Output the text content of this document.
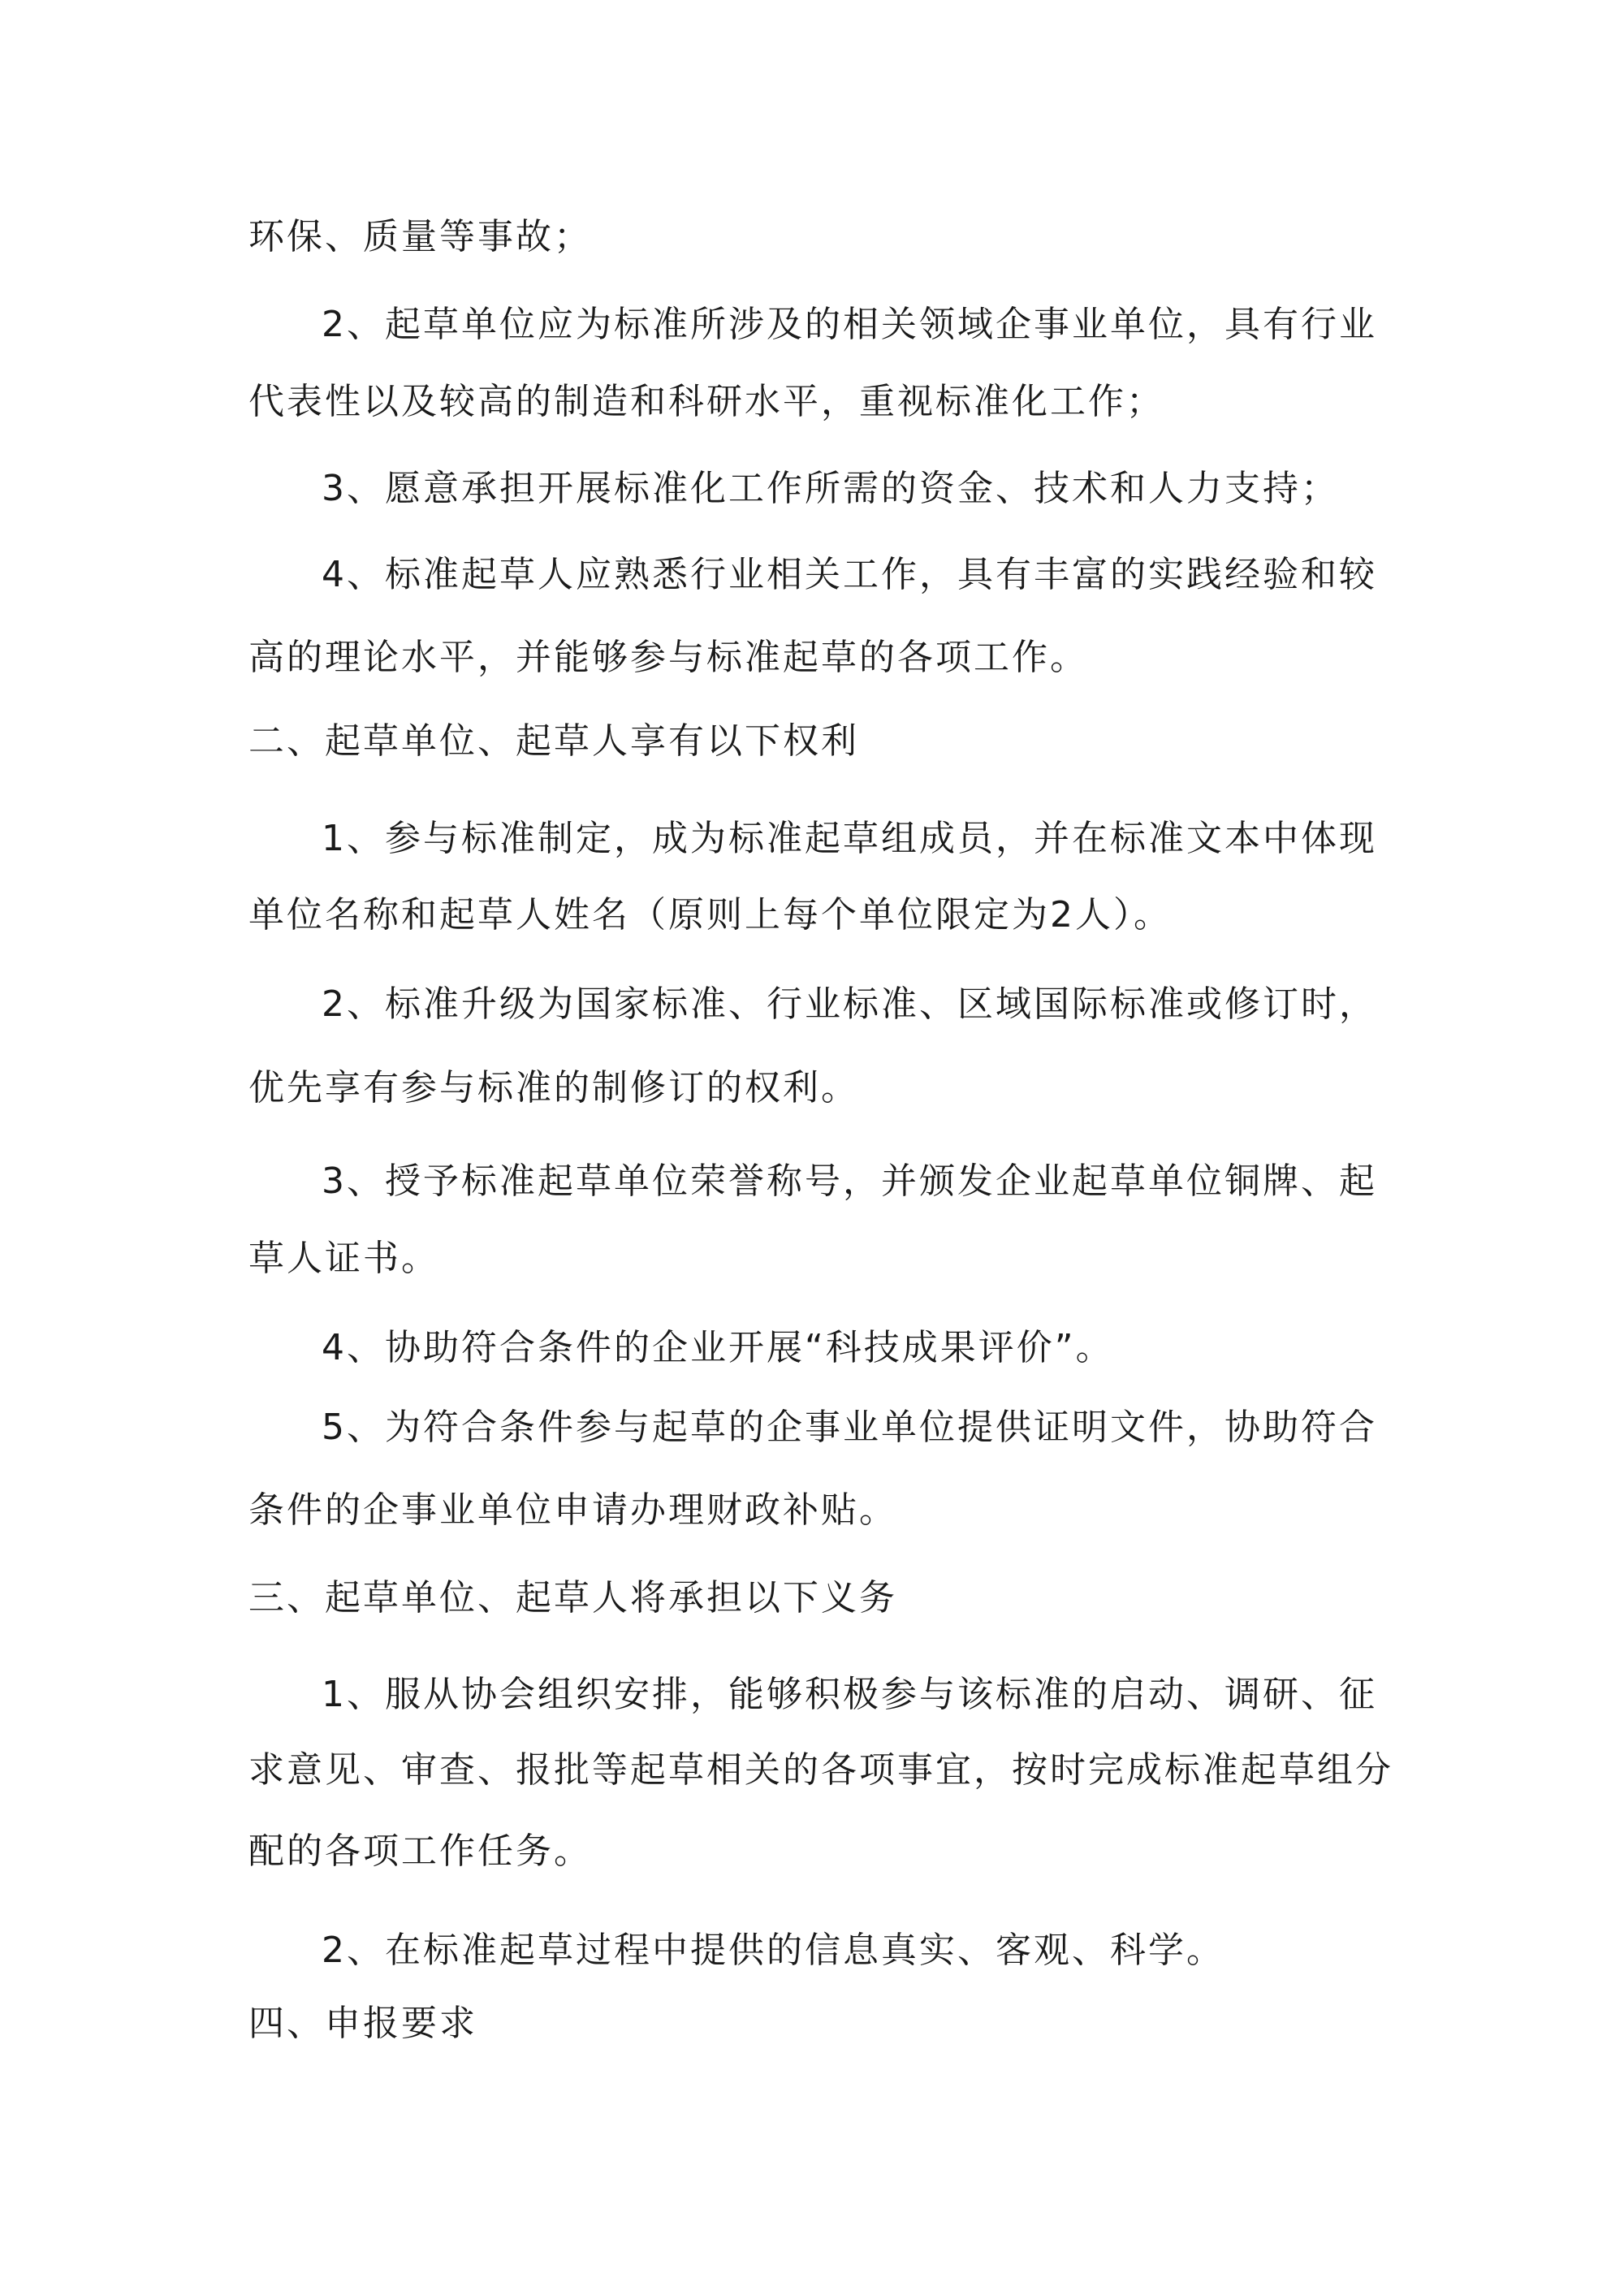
环保、质量等事故；

2、起草单位应为标准所涉及的相关领域企事业单位，具有行业

代表性以及较高的制造和科研水平，重视标准化工作；

3、愿意承担开展标准化工作所需的资金、技术和人力支持；

4、标准起草人应熟悉行业相关工作，具有丰富的实践经验和较

高的理论水平，并能够参与标准起草的各项工作。

二、起草单位、起草人享有以下权利

1、参与标准制定，成为标准起草组成员，并在标准文本中体现

单位名称和起草人姓名（原则上每个单位限定为2人）。

2、标准升级为国家标准、行业标准、区域国际标准或修订时，

优先享有参与标准的制修订的权利。

3、授予标准起草单位荣誉称号，并颁发企业起草单位铜牌、起

草人证书。

4、协助符合条件的企业开展“科技成果评价”。

5、为符合条件参与起草的企事业单位提供证明文件，协助符合

条件的企事业单位申请办理财政补贴。

三、起草单位、起草人将承担以下义务

1、服从协会组织安排，能够积极参与该标准的启动、调研、征

求意见、审查、报批等起草相关的各项事宜，按时完成标准起草组分

配的各项工作任务。

2、在标准起草过程中提供的信息真实、客观、科学。

四、申报要求
